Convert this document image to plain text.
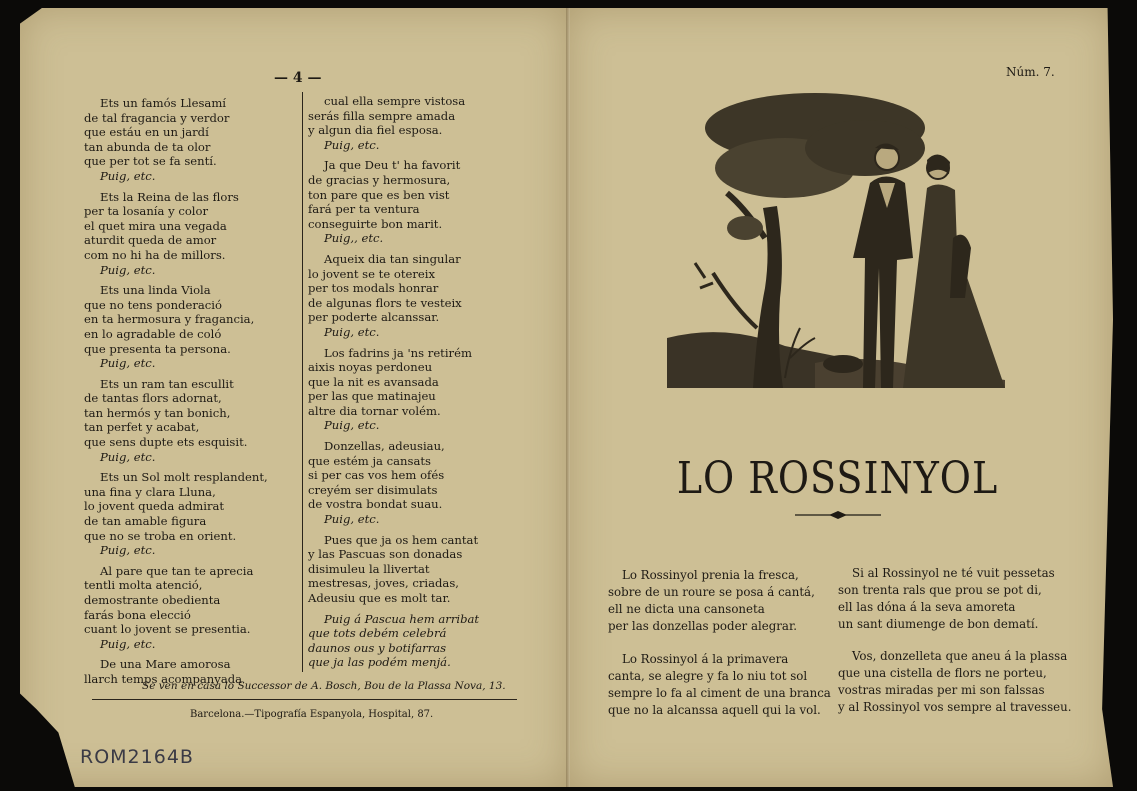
— 4 —
Ets un famós Llesamí
de tal fragancia y verdor
que estáu en un jardí
tan abunda de ta olor
que per tot se fa sentí.
Puig, etc.
Ets la Reina de las flors
per ta losanía y color
el quet mira una vegada
aturdit queda de amor
com no hi ha de millors.
Puig, etc.
Ets una linda Viola
que no tens ponderació
en ta hermosura y fragancia,
en lo agradable de coló
que presenta ta persona.
Puig, etc.
Ets un ram tan escullit
de tantas flors adornat,
tan hermós y tan bonich,
tan perfet y acabat,
que sens dupte ets esquisit.
Puig, etc.
Ets un Sol molt resplandent,
una fina y clara Lluna,
lo jovent queda admirat
de tan amable figura
que no se troba en orient.
Puig, etc.
Al pare que tan te aprecia
tentli molta atenció,
demostrante obedienta
farás bona elecció
cuant lo jovent se presentia.
Puig, etc.
De una Mare amorosa
llarch temps acompanyada
cual ella sempre vistosa
serás filla sempre amada
y algun dia fiel esposa.
Puig, etc.
Ja que Deu t' ha favorit
de gracias y hermosura,
ton pare que es ben vist
fará per ta ventura
conseguirte bon marit.
Puig,, etc.
Aqueix dia tan singular
lo jovent se te otereix
per tos modals honrar
de algunas flors te vesteix
per poderte alcanssar.
Puig, etc.
Los fadrins ja 'ns retirém
aixis noyas perdoneu
que la nit es avansada
per las que matinajeu
altre dia tornar volém.
Puig, etc.
Donzellas, adeusiau,
que estém ja cansats
si per cas vos hem ofés
creyém ser disimulats
de vostra bondat suau.
Puig, etc.
Pues que ja os hem cantat
y las Pascuas son donadas
disimuleu la llivertat
mestresas, joves, criadas,
Adeusiu que es molt tar.
Puig á Pascua hem arribat
que tots debém celebrá
daunos ous y botifarras
que ja las podém menjá.
Se ven en casa lo Successor de A. Bosch, Bou de la Plassa Nova, 13.
Barcelona.—Tipografía Espanyola, Hospital, 87.
ROM2164B
Núm. 7.
LO ROSSINYOL
Lo Rossinyol prenia la fresca,
sobre de un roure se posa á cantá,
ell ne dicta una cansoneta
per las donzellas poder alegrar.
Si al Rossinyol ne té vuit pessetas
son trenta rals que prou se pot di,
ell las dóna á la seva amoreta
un sant diumenge de bon dematí.
Lo Rossinyol á la primavera
canta, se alegre y fa lo niu tot sol
sempre lo fa al ciment de una branca
que no la alcanssa aquell qui la vol.
Vos, donzelleta que aneu á la plassa
que una cistella de flors ne porteu,
vostras miradas per mi son falssas
y al Rossinyol vos sempre al travesseu.
